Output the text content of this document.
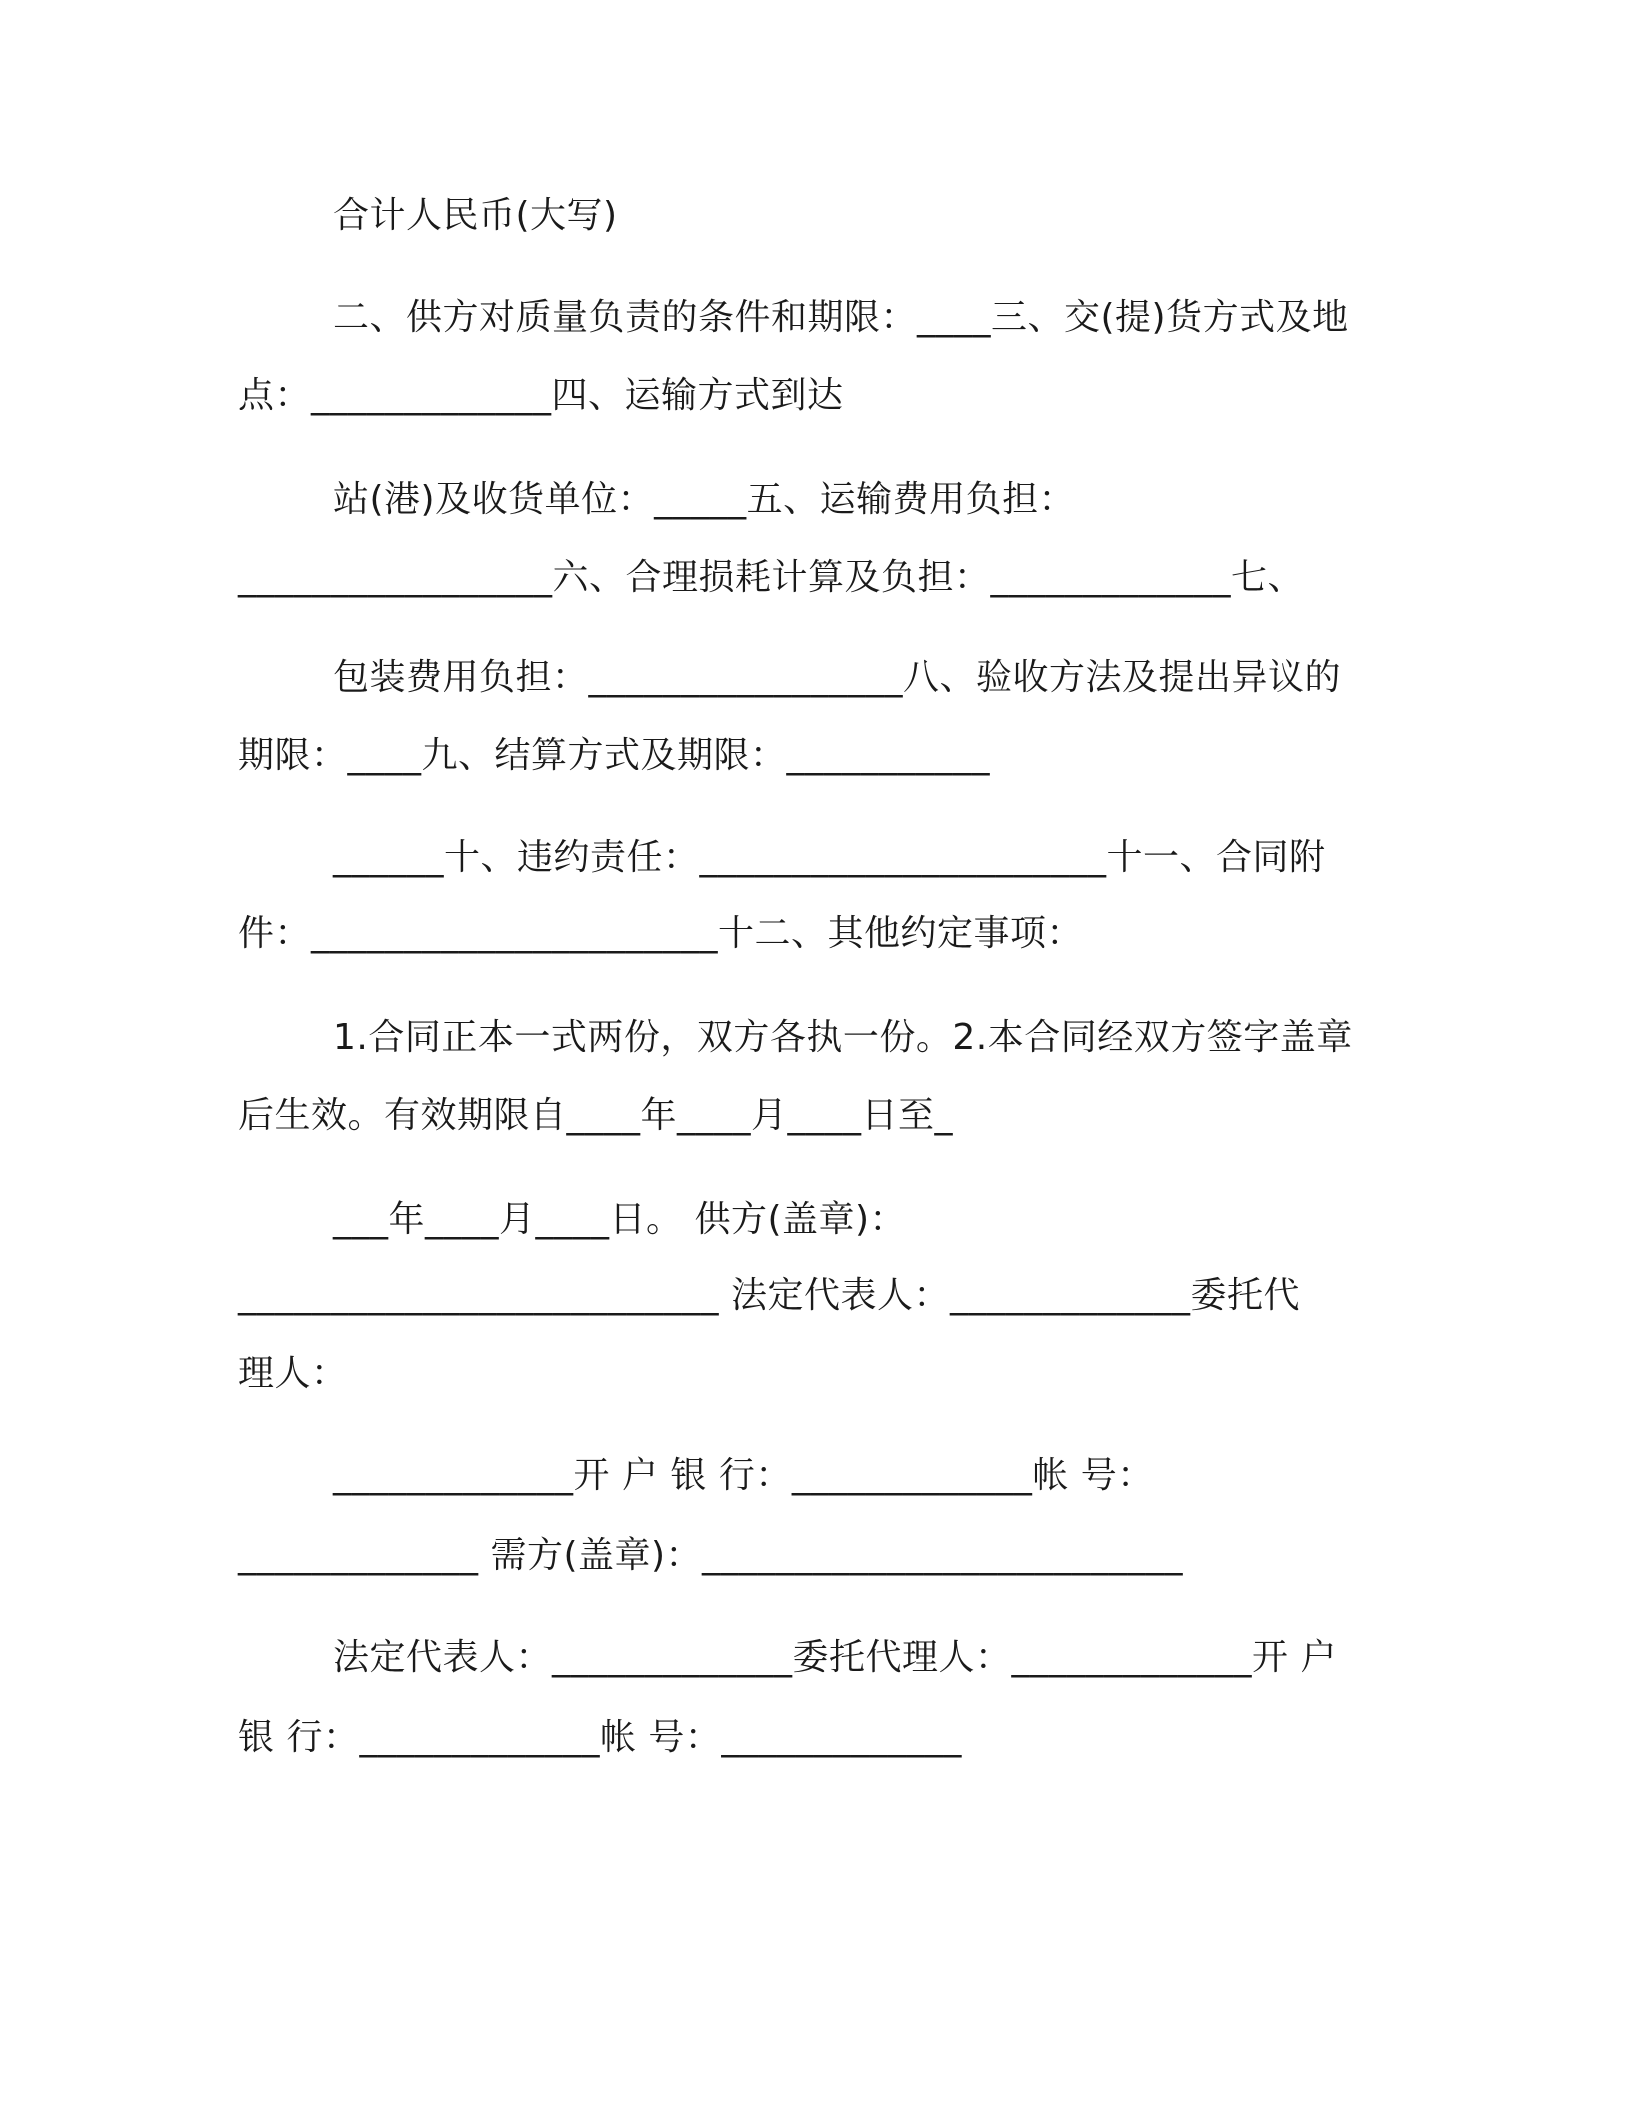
合计人民币(大写)
二、供方对质量负责的条件和期限：____三、交(提)货方式及地
点：_____________四、运输方式到达
站(港)及收货单位：_____五、运输费用负担：
_________________六、合理损耗计算及负担：_____________七、
包装费用负担：_________________八、验收方法及提出异议的
期限：____九、结算方式及期限：___________
______十、违约责任：______________________十一、合同附
件：______________________十二、其他约定事项：
1.合同正本一式两份，双方各执一份。2.本合同经双方签字盖章
后生效。有效期限自____年____月____日至_
___年____月____日。 供方(盖章)：
__________________________ 法定代表人：_____________委托代
理人：
_____________开 户 银 行：_____________帐 号：
_____________ 需方(盖章)：__________________________
法定代表人：_____________委托代理人：_____________开 户
银 行：_____________帐 号：_____________
